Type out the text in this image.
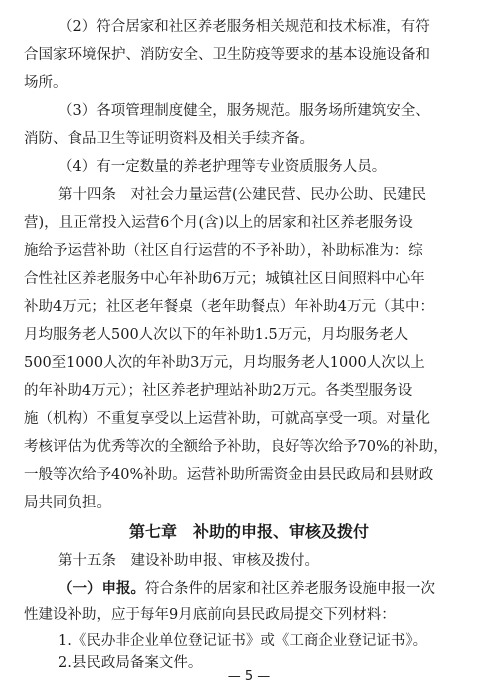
（2）符合居家和社区养老服务相关规范和技术标准，有符
合国家环境保护、消防安全、卫生防疫等要求的基本设施设备和
场所。
（3）各项管理制度健全，服务规范。服务场所建筑安全、
消防、食品卫生等证明资料及相关手续齐备。
（4）有一定数量的养老护理等专业资质服务人员。
第十四条　对社会力量运营(公建民营、民办公助、民建民
营)，且正常投入运营6个月(含)以上的居家和社区养老服务设
施给予运营补助（社区自行运营的不予补助），补助标准为：综
合性社区养老服务中心年补助6万元；城镇社区日间照料中心年
补助4万元；社区老年餐桌（老年助餐点）年补助4万元（其中：
月均服务老人500人次以下的年补助1.5万元，月均服务老人
500至1000人次的年补助3万元，月均服务老人1000人次以上
的年补助4万元）；社区养老护理站补助2万元。各类型服务设
施（机构）不重复享受以上运营补助，可就高享受一项。对量化
考核评估为优秀等次的全额给予补助，良好等次给予70%的补助，
一般等次给予40%补助。运营补助所需资金由县民政局和县财政
局共同负担。
第七章　补助的申报、审核及拨付
第十五条　建设补助申报、审核及拨付。
（一）申报。符合条件的居家和社区养老服务设施申报一次
性建设补助，应于每年9月底前向县民政局提交下列材料：
1.《民办非企业单位登记证书》或《工商企业登记证书》。
2.县民政局备案文件。
— 5 —
